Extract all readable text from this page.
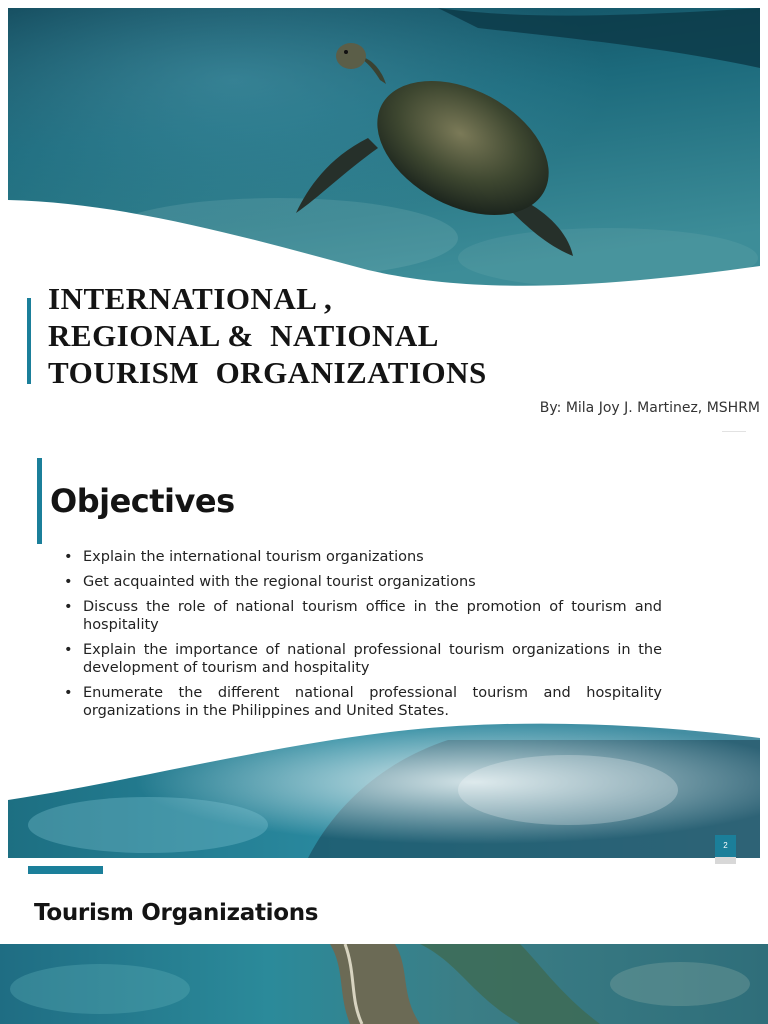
INTERNATIONAL ,
REGIONAL &  NATIONAL
TOURISM  ORGANIZATIONS
By: Mila Joy J. Martinez, MSHRM
Objectives
• Explain the international tourism organizations
• Get acquainted with the regional tourist organizations
• Discuss the role of national tourism office in the promotion of tourism and hospitality
• Explain the importance of national professional tourism organizations in the development of tourism and hospitality
• Enumerate the different national professional tourism and hospitality organizations in the Philippines and United States.
2
Tourism Organizations
